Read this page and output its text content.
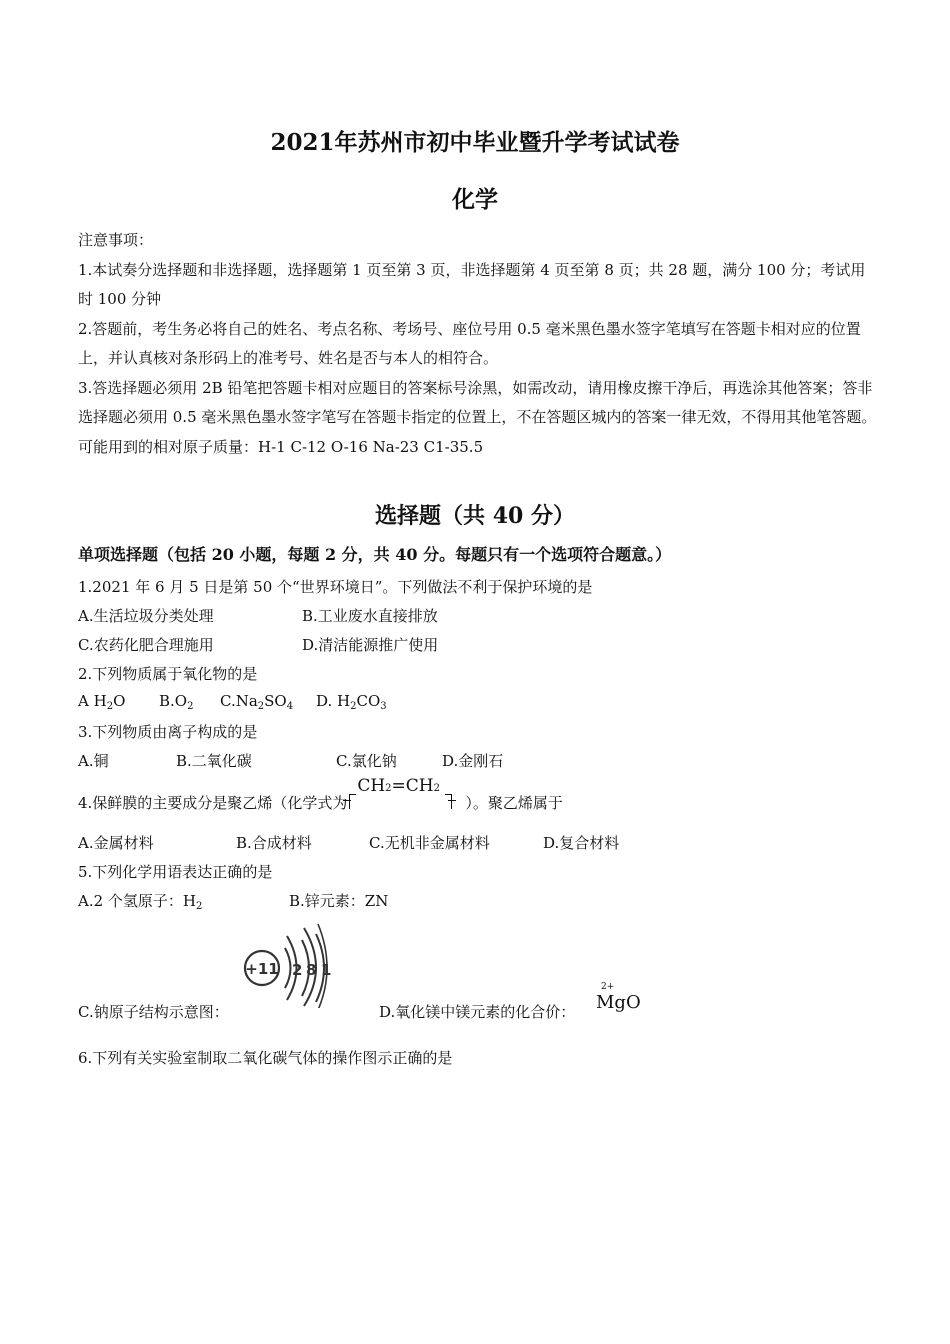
2021年苏州市初中毕业暨升学考试试卷
化学

注意事项：

1.本试奏分选择题和非选择题，选择题第 1 页至第 3 页，非选择题第 4 页至第 8 页；共 28 题，满分 100 分；考试用时 100 分钟

2.答题前，考生务必将自己的姓名、考点名称、考场号、座位号用 0.5 毫米黑色墨水签字笔填写在答题卡相对应的位置上，并认真核对条形码上的准考号、姓名是否与本人的相符合。

3.答选择题必须用 2B 铅笔把答题卡相对应题目的答案标号涂黑，如需改动，请用橡皮擦干净后，再选涂其他答案；答非选择题必须用 0.5 毫米黑色墨水签字笔写在答题卡指定的位置上，不在答题区城内的答案一律无效，不得用其他笔答题。

可能用到的相对原子质量：H-1 C-12 O-16 Na-23 C1-35.5

选择题（共 40 分）
单项选择题（包括 20 小题，每题 2 分，共 40 分。每题只有一个选项符合题意。）
1.2021 年 6 月 5 日是第 50 个“世界环境日”。下列做法不利于保护环境的是
A.生活垃圾分类处理	B.工业废水直接排放
C.农药化肥合理施用	D.清洁能源推广使用
2.下列物质属于氧化物的是
A $H_2O$ $B.O_2$ $C.Na_2SO_4$ D. $H_2CO_3$
3.下列物质由离子构成的是
A.铜	B.二氧化碳	C.氯化钠	D.金刚石
4.保鲜膜的主要成分是聚乙烯（化学式为
CH2=CH2
）。聚乙烯属于
A.金属材料	B.合成材料	C.无机非金属材料	D.复合材料
5.下列化学用语表达正确的是
A.2 个氢原子：$H_2$	B.锌元素：ZN
+11 2 8 1
C.钠原子结构示意图：	D.氧化镁中镁元素的化合价：
2+
MgO
6.下列有关实验室制取二氧化碳气体的操作图示正确的是
